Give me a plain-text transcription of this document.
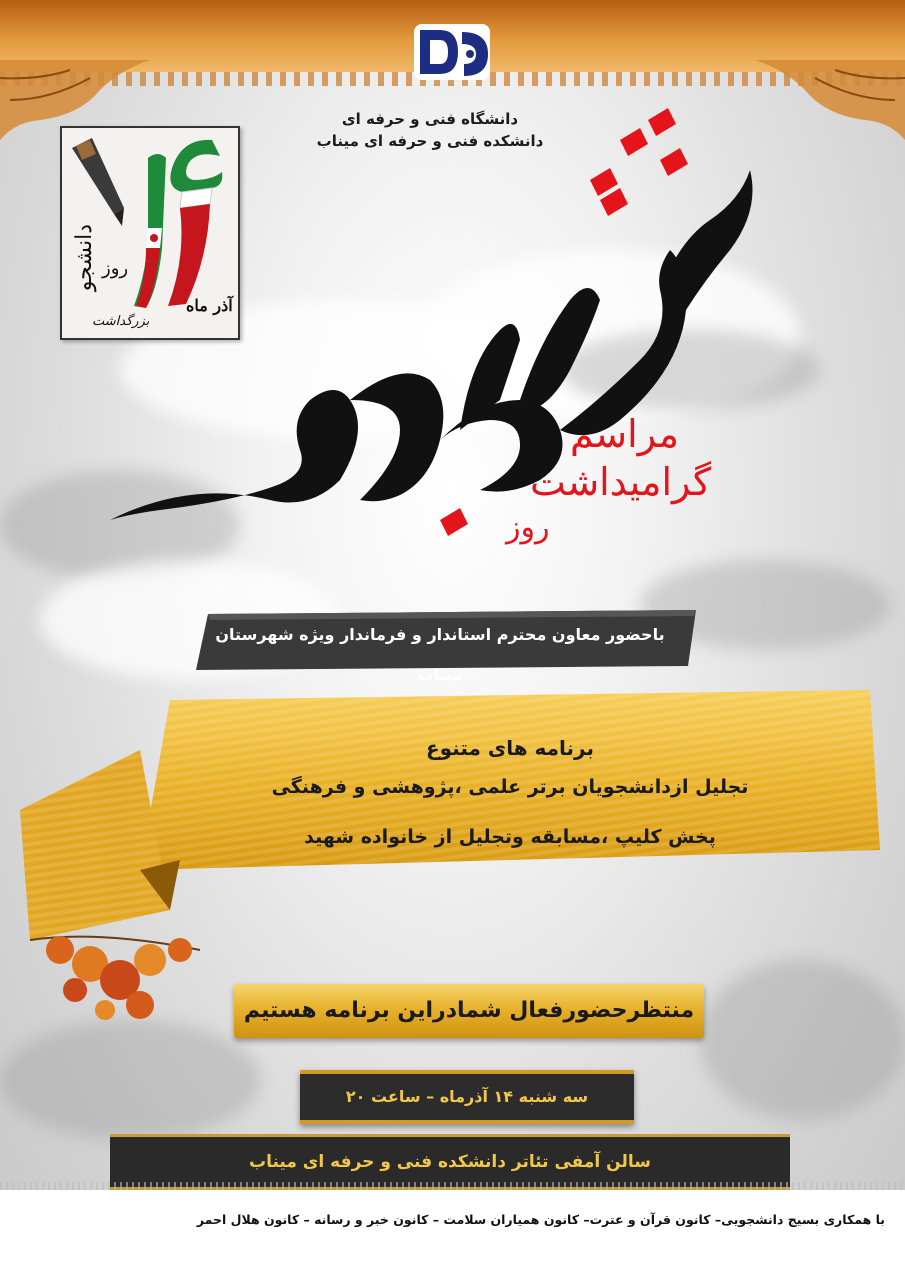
دانشگاه فنی و حرفه ای
دانشکده فنی و حرفه ای میناب
دانشجو روز
آذر ماه
بزرگداشت
مراسم
گرامیداشت
روز
باحضور معاون محترم استاندار و فرماندار ویژه شهرستان میناب
برنامه های متنوع
تجلیل ازدانشجویان برتر علمی ،پژوهشی و فرهنگی
پخش کلیپ ،مسابقه وتجلیل از خانواده شهید
منتظرحضورفعال شمادراین برنامه هستیم
سه شنبه ۱۴ آذرماه – ساعت ۲۰
سالن آمفی تئاتر دانشکده فنی و حرفه ای میناب
با همکاری بسیج دانشجویی– کانون قرآن و عترت– کانون همیاران سلامت – کانون خبر و رسانه – کانون هلال احمر
